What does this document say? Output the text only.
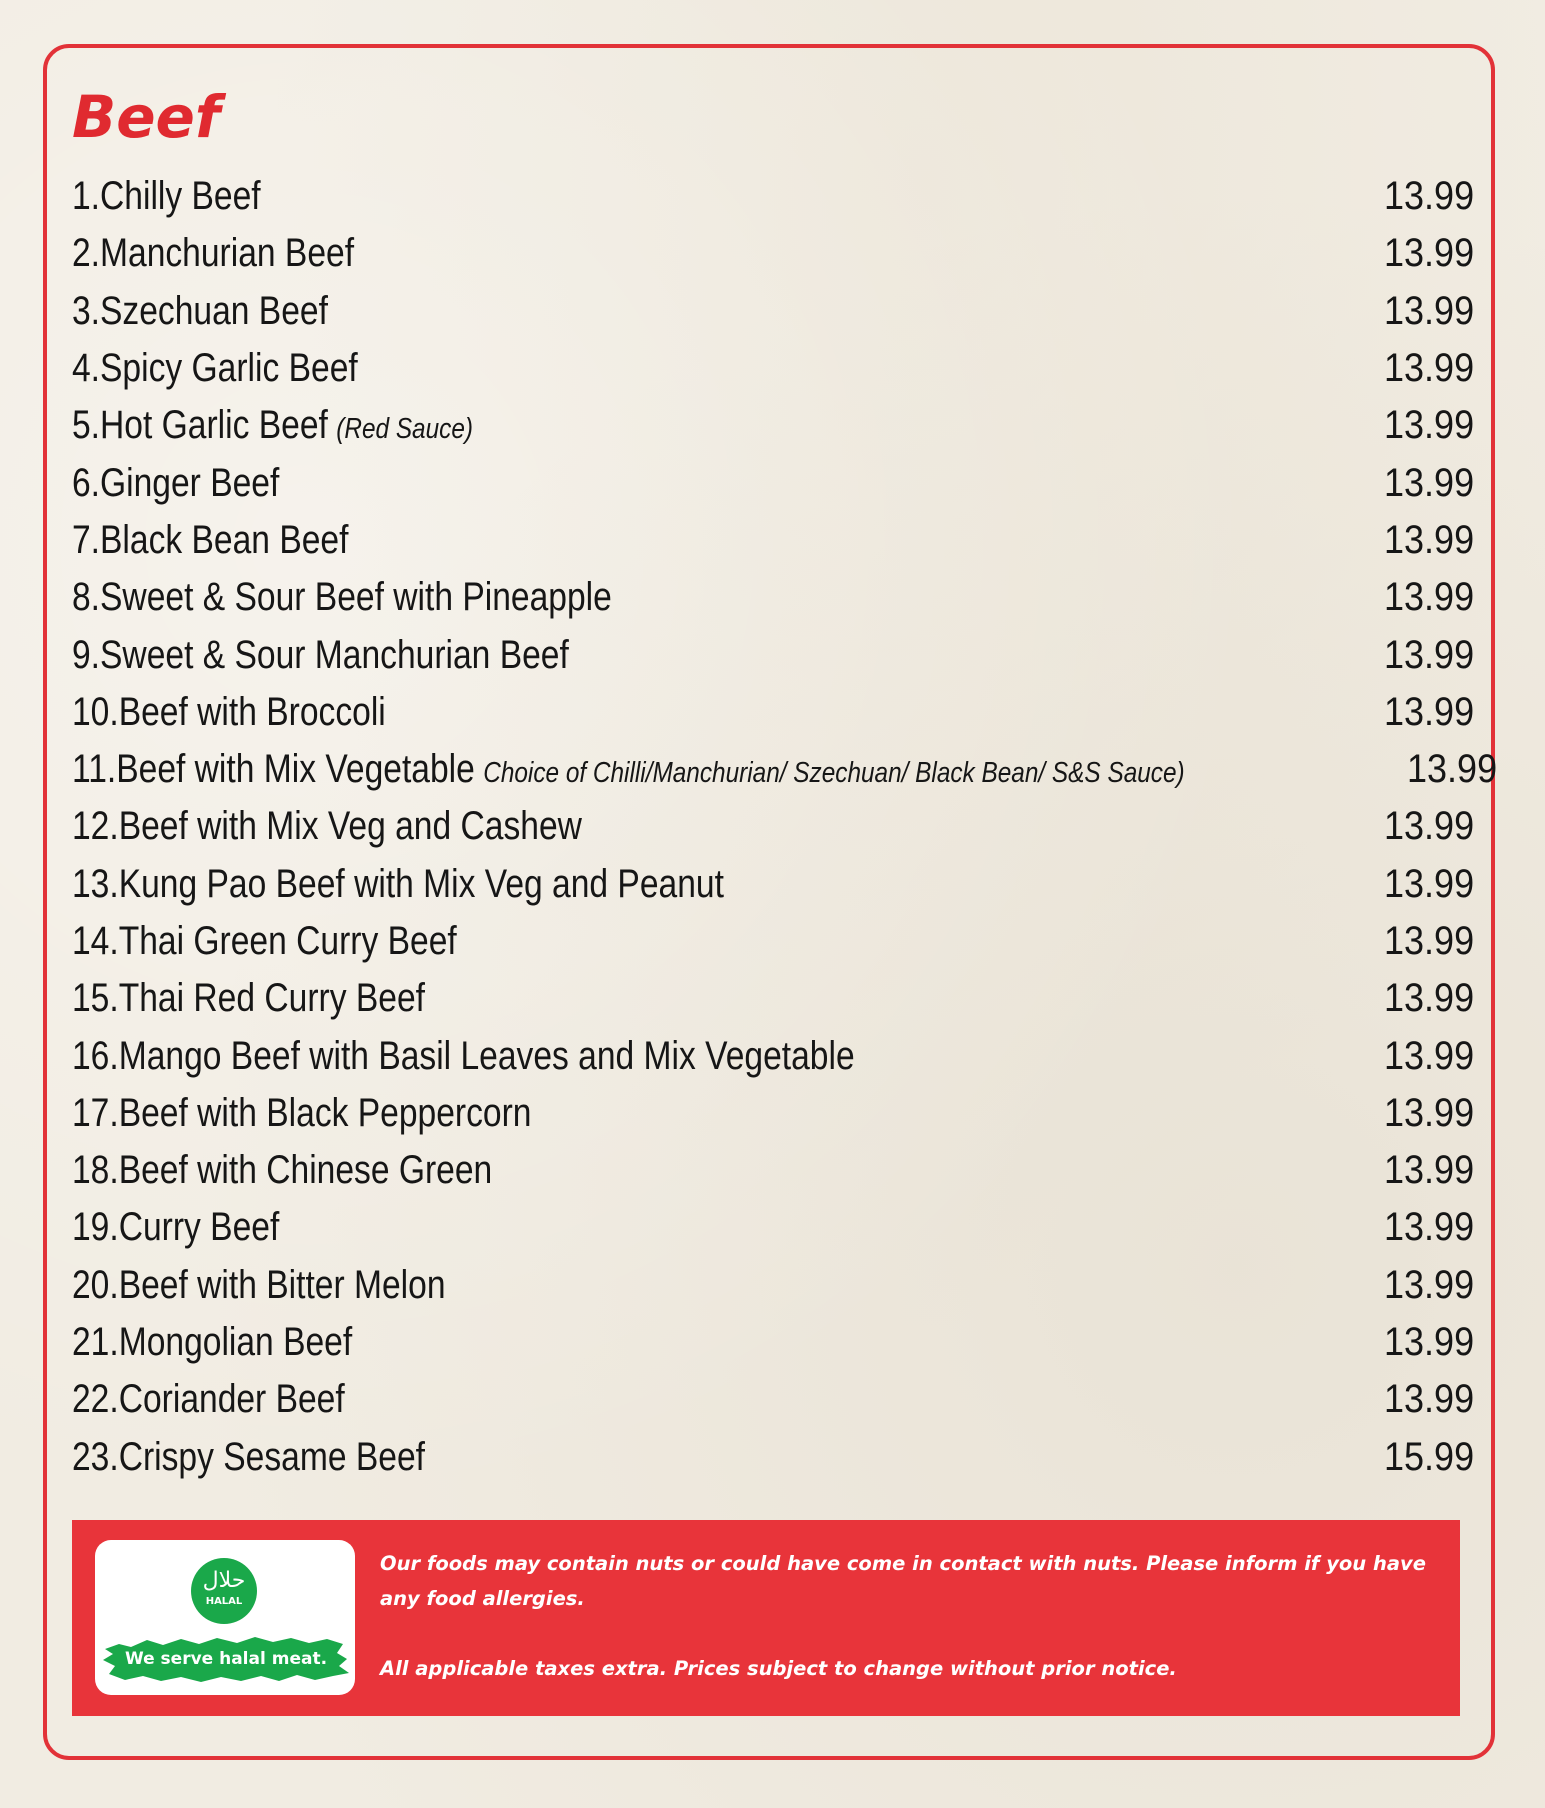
Beef
1.Chilly Beef	13.99
2.Manchurian Beef	13.99
3.Szechuan Beef	13.99
4.Spicy Garlic Beef	13.99
5.Hot Garlic Beef (Red Sauce)	13.99
6.Ginger Beef	13.99
7.Black Bean Beef	13.99
8.Sweet & Sour Beef with Pineapple	13.99
9.Sweet & Sour Manchurian Beef	13.99
10.Beef with Broccoli	13.99
11.Beef with Mix Vegetable Choice of Chilli/Manchurian/ Szechuan/ Black Bean/ S&S Sauce)	13.99
12.Beef with Mix Veg and Cashew	13.99
13.Kung Pao Beef with Mix Veg and Peanut	13.99
14.Thai Green Curry Beef	13.99
15.Thai Red Curry Beef	13.99
16.Mango Beef with Basil Leaves and Mix Vegetable	13.99
17.Beef with Black Peppercorn	13.99
18.Beef with Chinese Green	13.99
19.Curry Beef	13.99
20.Beef with Bitter Melon	13.99
21.Mongolian Beef	13.99
22.Coriander Beef	13.99
23.Crispy Sesame Beef	15.99
حلال
HALAL
We serve halal meat.

Our foods may contain nuts or could have come in contact with nuts. Please inform if you have any food allergies.

All applicable taxes extra. Prices subject to change without prior notice.
